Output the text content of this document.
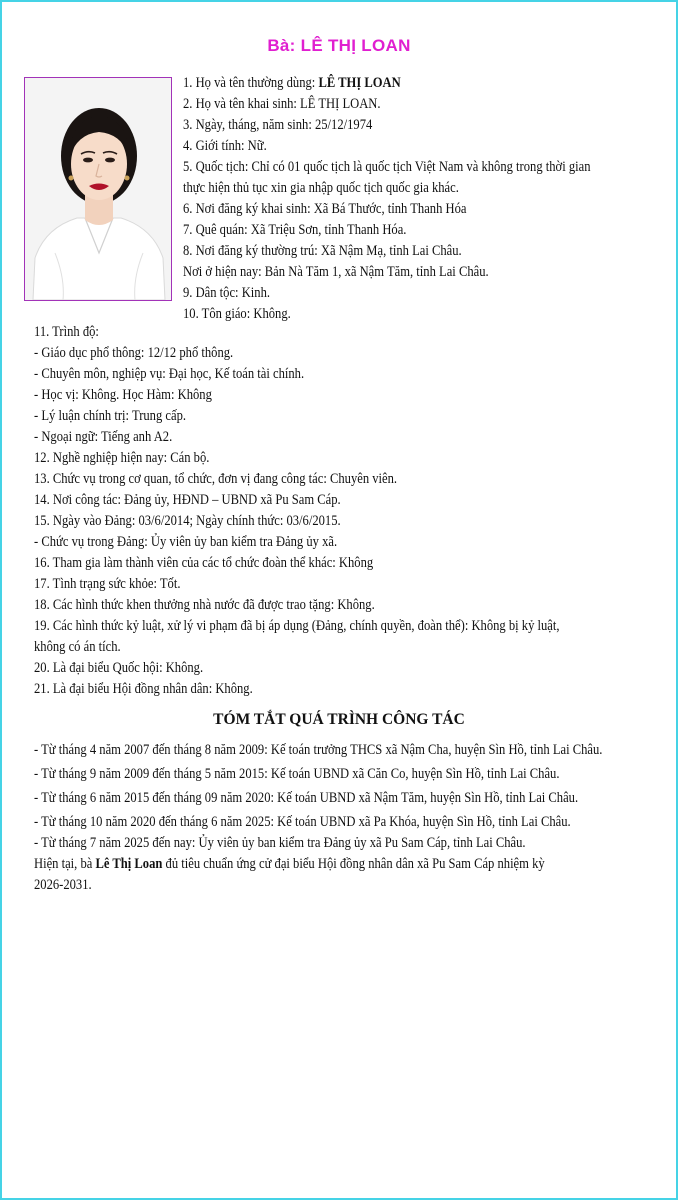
Bà: LÊ THỊ LOAN
1. Họ và tên thường dùng: LÊ THỊ LOAN
2. Họ và tên khai sinh: LÊ THỊ LOAN.
3. Ngày, tháng, năm sinh: 25/12/1974
4. Giới tính: Nữ.
5. Quốc tịch: Chỉ có 01 quốc tịch là quốc tịch Việt Nam và không trong thời gian
thực hiện thủ tục xin gia nhập quốc tịch quốc gia khác.
6. Nơi đăng ký khai sinh: Xã Bá Thước, tỉnh Thanh Hóa
7. Quê quán: Xã Triệu Sơn, tỉnh Thanh Hóa.
8. Nơi đăng ký thường trú: Xã Nậm Mạ, tỉnh Lai Châu.
Nơi ở hiện nay: Bản Nà Tăm 1, xã Nậm Tăm, tỉnh Lai Châu.
9. Dân tộc: Kinh.
10. Tôn giáo: Không.
11. Trình độ:
- Giáo dục phổ thông: 12/12 phổ thông.
- Chuyên môn, nghiệp vụ: Đại học, Kế toán tài chính.
- Học vị: Không. Học Hàm: Không
- Lý luận chính trị: Trung cấp.
- Ngoại ngữ: Tiếng anh A2.
12. Nghề nghiệp hiện nay: Cán bộ.
13. Chức vụ trong cơ quan, tổ chức, đơn vị đang công tác: Chuyên viên.
14. Nơi công tác: Đảng ủy, HĐND – UBND xã Pu Sam Cáp.
15. Ngày vào Đảng: 03/6/2014; Ngày chính thức: 03/6/2015.
- Chức vụ trong Đảng: Ủy viên ủy ban kiểm tra Đảng ủy xã.
16. Tham gia làm thành viên của các tổ chức đoàn thể khác: Không
17. Tình trạng sức khỏe: Tốt.
18. Các hình thức khen thưởng nhà nước đã được trao tặng: Không.
19. Các hình thức kỷ luật, xử lý vi phạm đã bị áp dụng (Đảng, chính quyền, đoàn thể): Không bị kỷ luật,
không có án tích.
20. Là đại biểu Quốc hội: Không.
21. Là đại biểu Hội đồng nhân dân: Không.
TÓM TẮT QUÁ TRÌNH CÔNG TÁC
- Từ tháng 4 năm 2007 đến tháng 8 năm 2009: Kế toán trưởng THCS xã Nậm Cha, huyện Sìn Hồ, tỉnh Lai Châu.
- Từ tháng 9 năm 2009 đến tháng 5 năm 2015: Kế toán UBND xã Căn Co, huyện Sìn Hồ, tỉnh Lai Châu.
- Từ tháng 6 năm 2015 đến tháng 09 năm 2020: Kế toán UBND xã Nậm Tăm, huyện Sìn Hồ, tỉnh Lai Châu.
- Từ tháng 10 năm 2020 đến tháng 6 năm 2025: Kế toán UBND xã Pa Khóa, huyện Sìn Hồ, tỉnh Lai Châu.
- Từ tháng 7 năm 2025 đến nay: Ủy viên ủy ban kiểm tra Đảng ủy xã Pu Sam Cáp, tỉnh Lai Châu.
Hiện tại, bà Lê Thị Loan đủ tiêu chuẩn ứng cử đại biểu Hội đồng nhân dân xã Pu Sam Cáp nhiệm kỳ
2026-2031.
